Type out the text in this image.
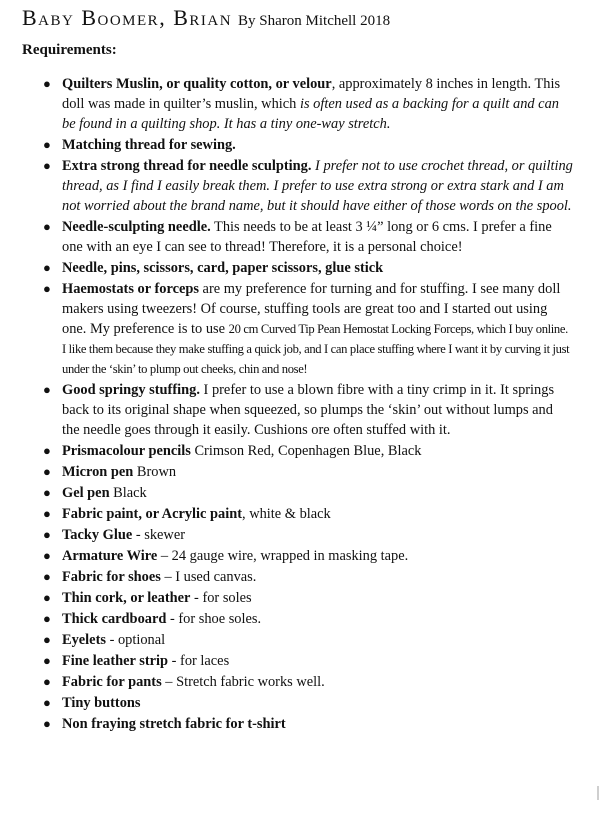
Baby Boomer, Brian By Sharon Mitchell 2018
Requirements:
● Quilters Muslin, or quality cotton, or velour, approximately 8 inches in length. This doll was made in quilter’s muslin, which is often used as a backing for a quilt and can be found in a quilting shop. It has a tiny one-way stretch.
● Matching thread for sewing.
● Extra strong thread for needle sculpting. I prefer not to use crochet thread, or quilting thread, as I find I easily break them. I prefer to use extra strong or extra stark and I am not worried about the brand name, but it should have either of those words on the spool.
● Needle-sculpting needle. This needs to be at least 3 ¼” long or 6 cms. I prefer a fine one with an eye I can see to thread! Therefore, it is a personal choice!
● Needle, pins, scissors, card, paper scissors, glue stick
● Haemostats or forceps are my preference for turning and for stuffing. I see many doll makers using tweezers! Of course, stuffing tools are great too and I started out using one. My preference is to use 20 cm Curved Tip Pean Hemostat Locking Forceps, which I buy online. I like them because they make stuffing a quick job, and I can place stuffing where I want it by curving it just under the ‘skin’ to plump out cheeks, chin and nose!
● Good springy stuffing. I prefer to use a blown fibre with a tiny crimp in it. It springs back to its original shape when squeezed, so plumps the ‘skin’ out without lumps and the needle goes through it easily. Cushions ore often stuffed with it.
● Prismacolour pencils Crimson Red, Copenhagen Blue, Black
● Micron pen Brown
● Gel pen Black
● Fabric paint, or Acrylic paint, white & black
● Tacky Glue - skewer
● Armature Wire – 24 gauge wire, wrapped in masking tape.
● Fabric for shoes – I used canvas.
● Thin cork, or leather - for soles
● Thick cardboard - for shoe soles.
● Eyelets - optional
● Fine leather strip - for laces
● Fabric for pants – Stretch fabric works well.
● Tiny buttons
● Non fraying stretch fabric for t-shirt
